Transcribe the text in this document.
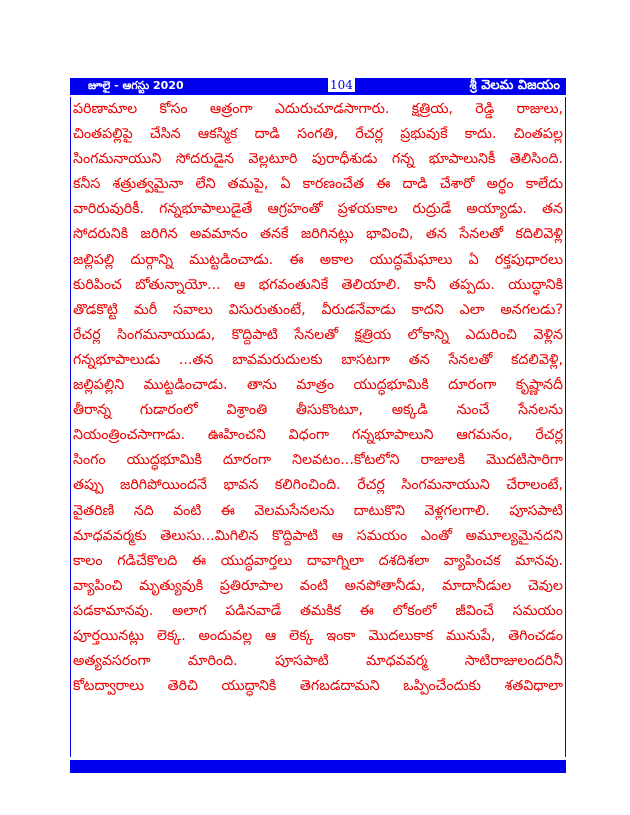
జూలై - ఆగస్టు 2020	104	శ్రీ వెలమ విజయం
పరిణామాల కోసం ఆత్రంగా ఎదురుచూడసాగారు. క్షత్రియ, రెడ్డి రాజులు,
చింతపల్లిపై చేసిన ఆకస్మిక దాడి సంగతి, రేచర్ల ప్రభువుకే కాదు. చింతపల్ల
సింగమనాయుని సోదరుడైన వెల్లటూరి పురాధీశుడు గన్న భూపాలునికీ తెలిసింది.
కనీస శత్రుత్వమైనా లేని తమపై, ఏ కారణంచేత ఈ దాడి చేశారో అర్థం కాలేదు
వారిరువురికీ. గన్నభూపాలుడైతే ఆగ్రహంతో ప్రళయకాల రుద్రుడే అయ్యాడు. తన
సోదరునికి జరిగిన అవమానం తనకే జరిగినట్లు భావించి, తన సేనలతో కదిలివెళ్లి
జల్లిపల్లి దుర్గాన్ని ముట్టడించాడు. ఈ అకాల యుద్ధమేఘాలు ఏ రక్తపుధారలు
కురిపించ బోతున్నాయో... ఆ భగవంతునికే తెలియాలి. కానీ తప్పదు. యుద్ధానికి
తొడకొట్టి మరీ సవాలు విసురుతుంటే, వీరుడనేవాడు కాదని ఎలా అనగలడు?
రేచర్ల సింగమనాయుడు, కొద్దిపాటి సేనలతో క్షత్రియ లోకాన్ని ఎదురించి వెళ్లిన
గన్నభూపాలుడు ...తన బావమరుదులకు బాసటగా తన సేనలతో కదలివెళ్లి,
జల్లిపల్లిని ముట్టడించాడు. తాను మాత్రం యుద్ధభూమికి దూరంగా కృష్ణానదీ
తీరాన్న గుడారంలో విశ్రాంతి తీసుకొంటూ, అక్కడి నుంచే సేనలను
నియంత్రించసాగాడు. ఊహించని విధంగా గన్నభూపాలుని ఆగమనం, రేచర్ల
సింగం యుద్ధభూమికి దూరంగా నిలవటం...కోటలోని రాజులకి మొదటిసారిగా
తప్పు జరిగిపోయిందనే భావన కలిగించింది. రేచర్ల సింగమనాయుని చేరాలంటే,
వైతరిణి నది వంటి ఈ వెలమసేనలను దాటుకొని వెళ్లగలగాలి. పూసపాటి
మాధవవర్మకు తెలుసు...మిగిలిన కొద్దిపాటి ఆ సమయం ఎంతో అమూల్యమైనదని
కాలం గడిచేకొలది ఈ యుద్ధవార్తలు దావాగ్నిలా దశదిశలా వ్యాపించక మానవు.
వ్యాపించి మృత్యువుకి ప్రతిరూపాల వంటి అనపోతానీడు, మాదానీడుల చెవుల
పడకామానవు. అలాగ పడినవాడే తమకిక ఈ లోకంలో జీవించే సమయం
పూర్తయినట్లు లెక్క. అందువల్ల ఆ లెక్క ఇంకా మొదలుకాక మునుపే, తెగించడం
అత్యవసరంగా మారింది. పూసపాటి మాధవవర్మ సాటిరాజులందరినీ
కోటద్వారాలు తెరిచి యుద్ధానికి తెగబడదామని ఒప్పించేందుకు శతవిధాలా
